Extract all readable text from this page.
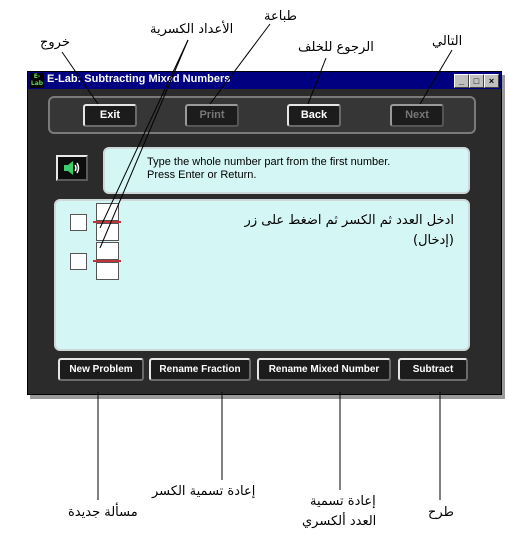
خروج
الأعداد الكسرية
طباعة
الرجوع للخلف	التالي
E-Lab E-Lab: Subtracting Mixed Numbers	_	□	×
Exit	Print	Back	Next
Type the whole number part from the first number.
Press Enter or Return.
ادخل العدد ثم الكسر ثم اضغط على زر
(إدخال)
New Problem	Rename Fraction	Rename Mixed Number	Subtract
مسألة جديدة
إعادة تسمية الكسر
إعادة تسمية
العدد ألكسري
طرح
